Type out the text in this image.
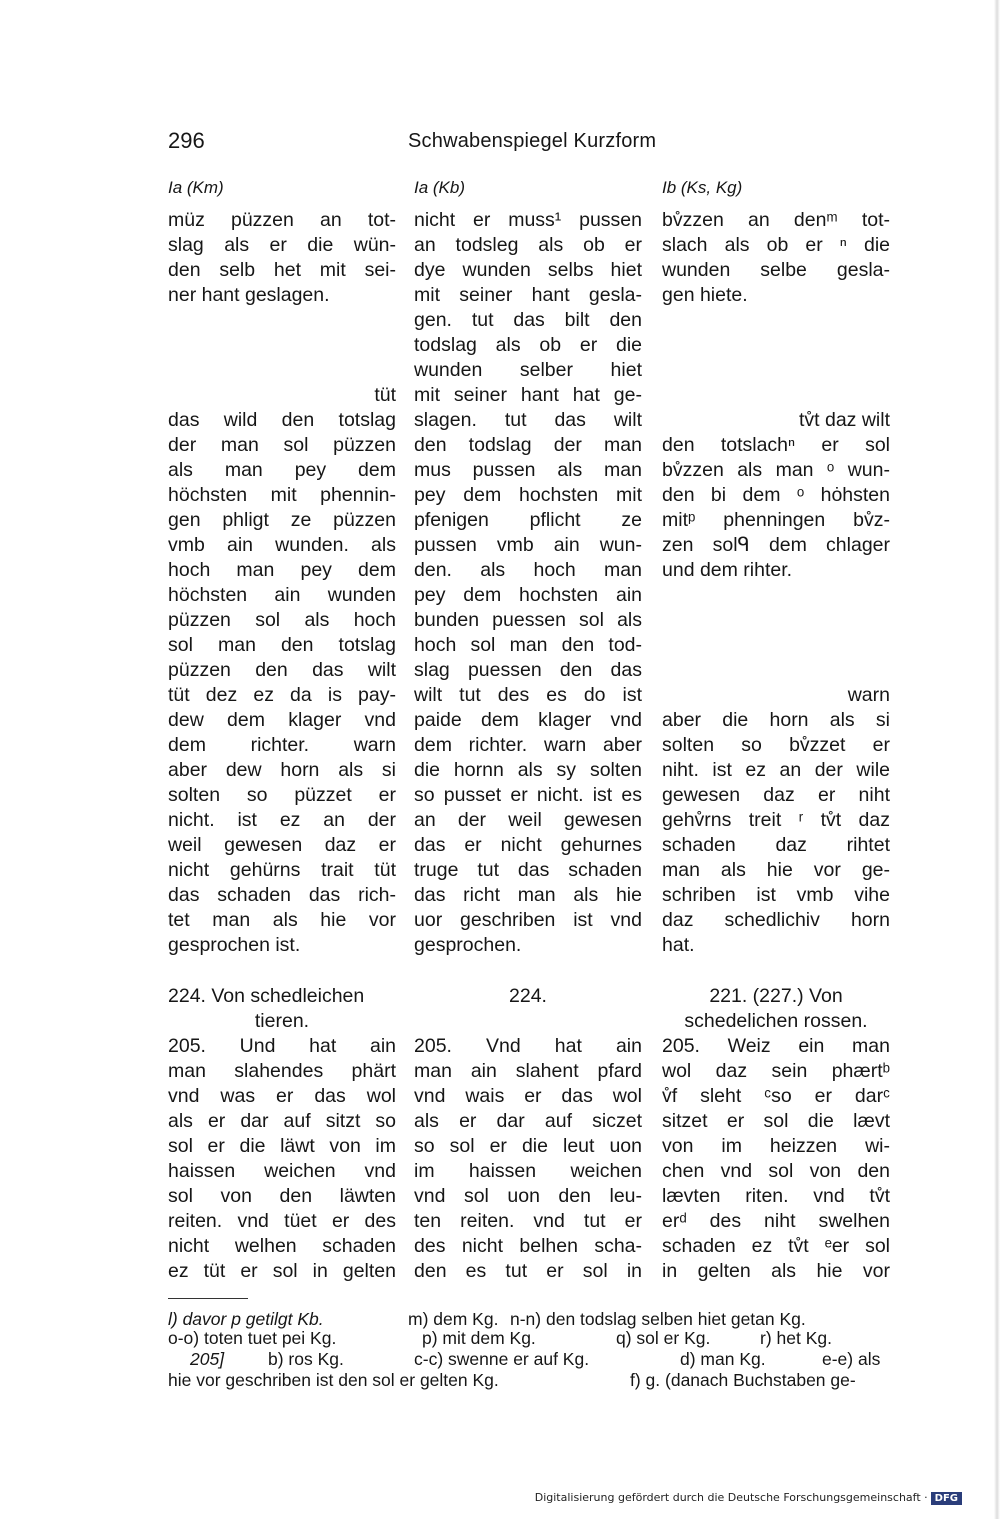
296	Schwabenspiegel Kurzform
Ia (Km)
müz püzzen an tot-
slag als er die wün-
den selb het mit sei-
ner hant geslagen.
tüt
das wild den totslag
der man sol püzzen
als man pey dem
höchsten mit phennin-
gen phligt ze püzzen
vmb ain wunden. als
hoch man pey dem
höchsten ain wunden
püzzen sol als hoch
sol man den totslag
püzzen den das wilt
tüt dez ez da is pay-
dew dem klager vnd
dem richter. warn
aber dew horn als si
solten so püzzet er
nicht. ist ez an der
weil gewesen daz er
nicht gehürns trait tüt
das schaden das rich-
tet man als hie vor
gesprochen ist.
224. Von schedleichen
tieren.
205. Und hat ain
man slahendes phärt
vnd was er das wol
als er dar auf sitzt so
sol er die läwt von im
haissen weichen vnd
sol von den läwten
reiten. vnd tüet er des
nicht welhen schaden
ez tüt er sol in gelten
Ia (Kb)
nicht er muss¹ pussen
an todsleg als ob er
dye wunden selbs hiet
mit seiner hant gesla-
gen. tut das bilt den
todslag als ob er die
wunden selber hiet
mit seiner hant hat ge-
slagen. tut das wilt
den todslag der man
mus pussen als man
pey dem hochsten mit
pfenigen pflicht ze
pussen vmb ain wun-
den. als hoch man
pey dem hochsten ain
bunden puessen sol als
hoch sol man den tod-
slag puessen den das
wilt tut des es do ist
paide dem klager vnd
dem richter. warn aber
die hornn als sy solten
so pusset er nicht. ist es
an der weil gewesen
das er nicht gehurnes
truge tut das schaden
das richt man als hie
uor geschriben ist vnd
gesprochen.
224.
205. Vnd hat ain
man ain slahent pfard
vnd wais er das wol
als er dar auf siczet
so sol er die leut uon
im haissen weichen
vnd sol uon den leu-
ten reiten. vnd tut er
des nicht belhen scha-
den es tut er sol in
Ib (Ks, Kg)
bv̊zzen an denᵐ tot-
slach als ob er ⁿ die
wunden selbe gesla-
gen hiete.
tv̊t daz wilt
den totslachⁿ er sol
bv̊zzen als man ᵒ wun-
den bi dem ᵒ hȯhsten
mitᵖ phenningen bv̊z-
zen solᑫ dem chlager
und dem rihter.
warn
aber die horn als si
solten so bv̊zzet er
niht. ist ez an der wile
gewesen daz er niht
gehv̊rns treit ʳ tv̊t daz
schaden daz rihtet
man als hie vor ge-
schriben ist vmb vihe
daz schedlichiv horn
hat.
221. (227.) Von
schedelichen rossen.
205. Weiz ein man
wol daz sein phærtᵇ
v̊f sleht ᶜso er darᶜ
sitzet er sol die lævt
von im heizzen wi-
chen vnd sol von den
lævten riten. vnd tv̊t
erᵈ des niht swelhen
schaden ez tv̊t ᵉer sol
in gelten als hie vor
l) davor p getilgt Kb.	m) dem Kg. n-n) den todslag selben hiet getan Kg.
o-o) toten tuet pei Kg.	p) mit dem Kg.	q) sol er Kg.	r) het Kg.
205]	b) ros Kg.	c-c) swenne er auf Kg.	d) man Kg.	e-e) als
hie vor geschriben ist den sol er gelten Kg.	f) g. (danach Buchstaben ge-
Digitalisierung gefördert durch die Deutsche Forschungsgemeinschaft · DFG
